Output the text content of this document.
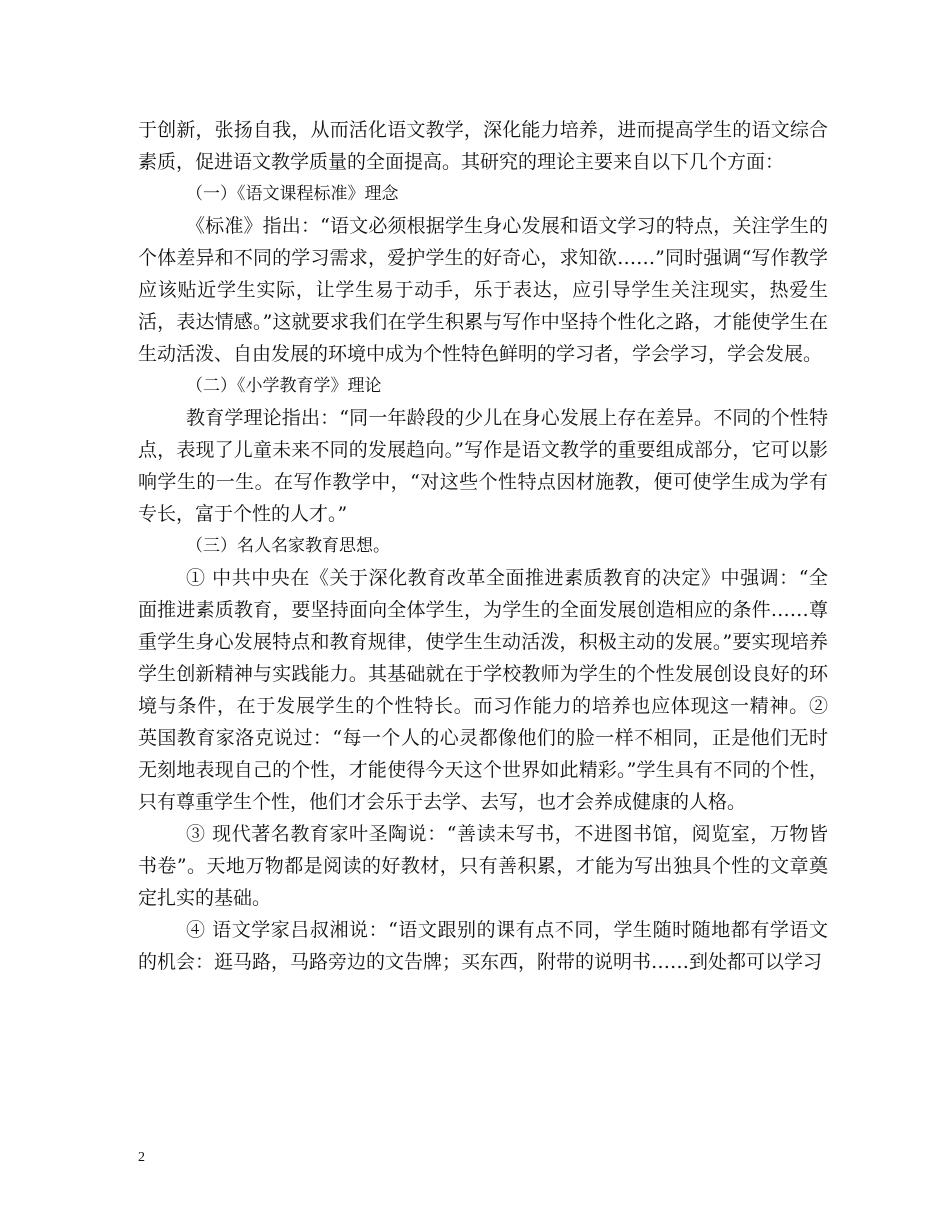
于创新，张扬自我，从而活化语文教学，深化能力培养，进而提高学生的语文综合素质，促进语文教学质量的全面提高。其研究的理论主要来自以下几个方面：

（一）《语文课程标准》理念

《标准》指出：“语文必须根据学生身心发展和语文学习的特点，关注学生的个体差异和不同的学习需求，爱护学生的好奇心，求知欲……”同时强调“写作教学应该贴近学生实际，让学生易于动手，乐于表达，应引导学生关注现实，热爱生活，表达情感。”这就要求我们在学生积累与写作中坚持个性化之路，才能使学生在生动活泼、自由发展的环境中成为个性特色鲜明的学习者，学会学习，学会发展。

（二）《小学教育学》理论

教育学理论指出：“同一年龄段的少儿在身心发展上存在差异。不同的个性特点，表现了儿童未来不同的发展趋向。”写作是语文教学的重要组成部分，它可以影响学生的一生。在写作教学中，“对这些个性特点因材施教，便可使学生成为学有专长，富于个性的人才。”

（三）名人名家教育思想。

① 中共中央在《关于深化教育改革全面推进素质教育的决定》中强调：“全面推进素质教育，要坚持面向全体学生，为学生的全面发展创造相应的条件……尊重学生身心发展特点和教育规律，使学生生动活泼，积极主动的发展。”要实现培养学生创新精神与实践能力。其基础就在于学校教师为学生的个性发展创设良好的环境与条件，在于发展学生的个性特长。而习作能力的培养也应体现这一精神。② 英国教育家洛克说过：“每一个人的心灵都像他们的脸一样不相同，正是他们无时无刻地表现自己的个性，才能使得今天这个世界如此精彩。”学生具有不同的个性，只有尊重学生个性，他们才会乐于去学、去写，也才会养成健康的人格。

③ 现代著名教育家叶圣陶说：“善读未写书，不进图书馆，阅览室，万物皆书卷”。天地万物都是阅读的好教材，只有善积累，才能为写出独具个性的文章奠定扎实的基础。

④ 语文学家吕叔湘说：“语文跟别的课有点不同，学生随时随地都有学语文的机会：逛马路，马路旁边的文告牌；买东西，附带的说明书……到处都可以学习

2
